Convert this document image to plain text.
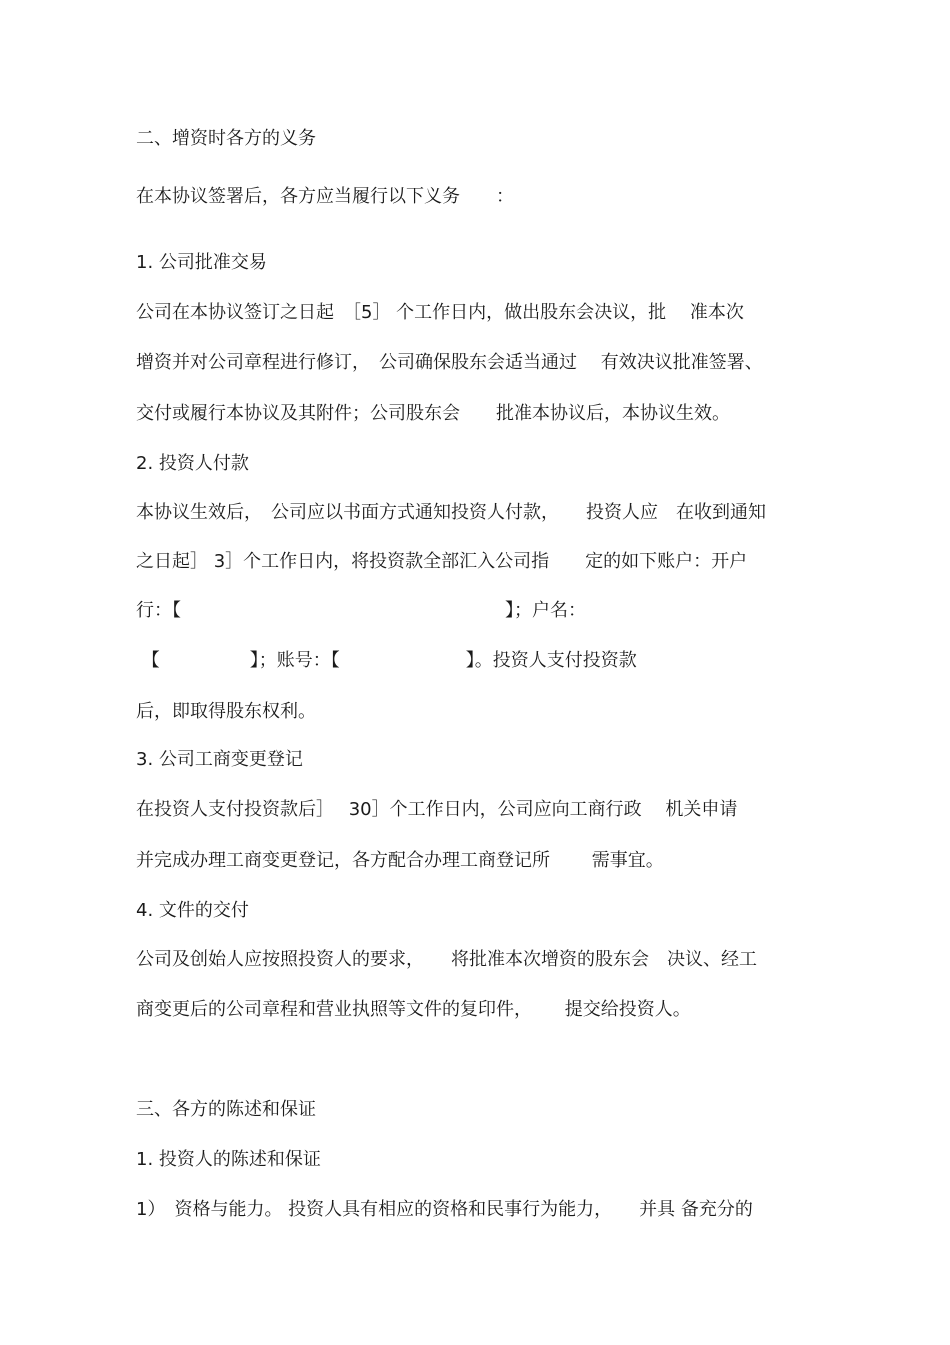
二、增资时各方的义务
在本协议签署后，各方应当履行以下义务　　：
1. 公司批准交易
公司在本协议签订之日起　［5］ 个工作日内，做出股东会决议，批　 准本次
增资并对公司章程进行修订，　公司确保股东会适当通过　 有效决议批准签署、
交付或履行本协议及其附件；公司股东会　　批准本协议后，本协议生效。
2. 投资人付款
本协议生效后，　公司应以书面方式通知投资人付款，　　投资人应　在收到通知
之日起］ 3］个工作日内，将投资款全部汇入公司指　　定的如下账户：开户
行：【　　　　　　　　　　　　　　　　　　】；户名：
【　　　　　】；账号：【　　　　　　　】。投资人支付投资款
后，即取得股东权利。
3. 公司工商变更登记
在投资人支付投资款后］　 30］个工作日内，公司应向工商行政　 机关申请
并完成办理工商变更登记，各方配合办理工商登记所　　 需事宜。
4. 文件的交付
公司及创始人应按照投资人的要求，　　将批准本次增资的股东会　决议、经工
商变更后的公司章程和营业执照等文件的复印件，　　 提交给投资人。
三、各方的陈述和保证
1. 投资人的陈述和保证
1）　资格与能力。 投资人具有相应的资格和民事行为能力，　　并具 备充分的
